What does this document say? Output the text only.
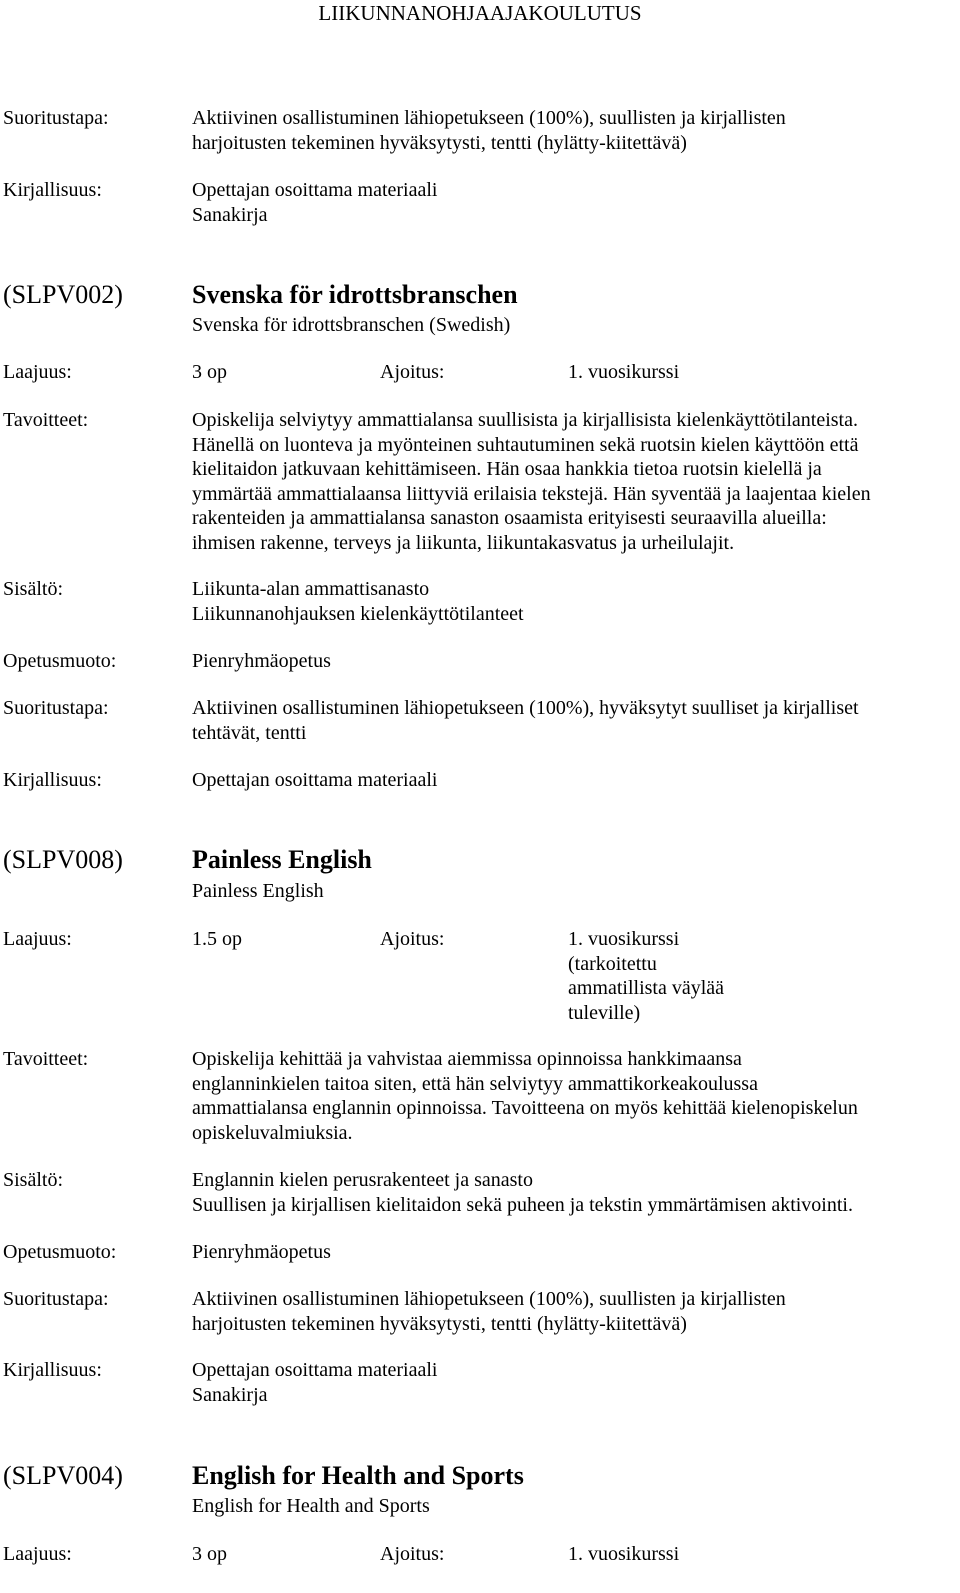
LIIKUNNANOHJAAJAKOULUTUS
Suoritustapa:	Aktiivinen osallistuminen lähiopetukseen (100%), suullisten ja kirjallisten
harjoitusten tekeminen hyväksytysti, tentti (hylätty-kiitettävä)
Kirjallisuus:	Opettajan osoittama materiaali
Sanakirja
(SLPV002)	Svenska för idrottsbranschen
Svenska för idrottsbranschen (Swedish)
Laajuus:	3 op	Ajoitus:	1. vuosikurssi
Tavoitteet:	Opiskelija selviytyy ammattialansa suullisista ja kirjallisista kielenkäyttötilanteista.
Hänellä on luonteva ja myönteinen suhtautuminen sekä ruotsin kielen käyttöön että
kielitaidon jatkuvaan kehittämiseen. Hän osaa hankkia tietoa ruotsin kielellä ja
ymmärtää ammattialaansa liittyviä erilaisia tekstejä. Hän syventää ja laajentaa kielen
rakenteiden ja ammattialansa sanaston osaamista erityisesti seuraavilla alueilla:
ihmisen rakenne, terveys ja liikunta, liikuntakasvatus ja urheilulajit.
Sisältö:	Liikunta-alan ammattisanasto
Liikunnanohjauksen kielenkäyttötilanteet
Opetusmuoto:	Pienryhmäopetus
Suoritustapa:	Aktiivinen osallistuminen lähiopetukseen (100%), hyväksytyt suulliset ja kirjalliset
tehtävät, tentti
Kirjallisuus:	Opettajan osoittama materiaali
(SLPV008)	Painless English
Painless English
Laajuus:	1.5 op	Ajoitus:	1. vuosikurssi
(tarkoitettu
ammatillista väylää
tuleville)
Tavoitteet:	Opiskelija kehittää ja vahvistaa aiemmissa opinnoissa hankkimaansa
englanninkielen taitoa siten, että hän selviytyy ammattikorkeakoulussa
ammattialansa englannin opinnoissa. Tavoitteena on myös kehittää kielenopiskelun
opiskeluvalmiuksia.
Sisältö:	Englannin kielen perusrakenteet ja sanasto
Suullisen ja kirjallisen kielitaidon sekä puheen ja tekstin ymmärtämisen aktivointi.
Opetusmuoto:	Pienryhmäopetus
Suoritustapa:	Aktiivinen osallistuminen lähiopetukseen (100%), suullisten ja kirjallisten
harjoitusten tekeminen hyväksytysti, tentti (hylätty-kiitettävä)
Kirjallisuus:	Opettajan osoittama materiaali
Sanakirja
(SLPV004)	English for Health and Sports
English for Health and Sports
Laajuus:	3 op	Ajoitus:	1. vuosikurssi
